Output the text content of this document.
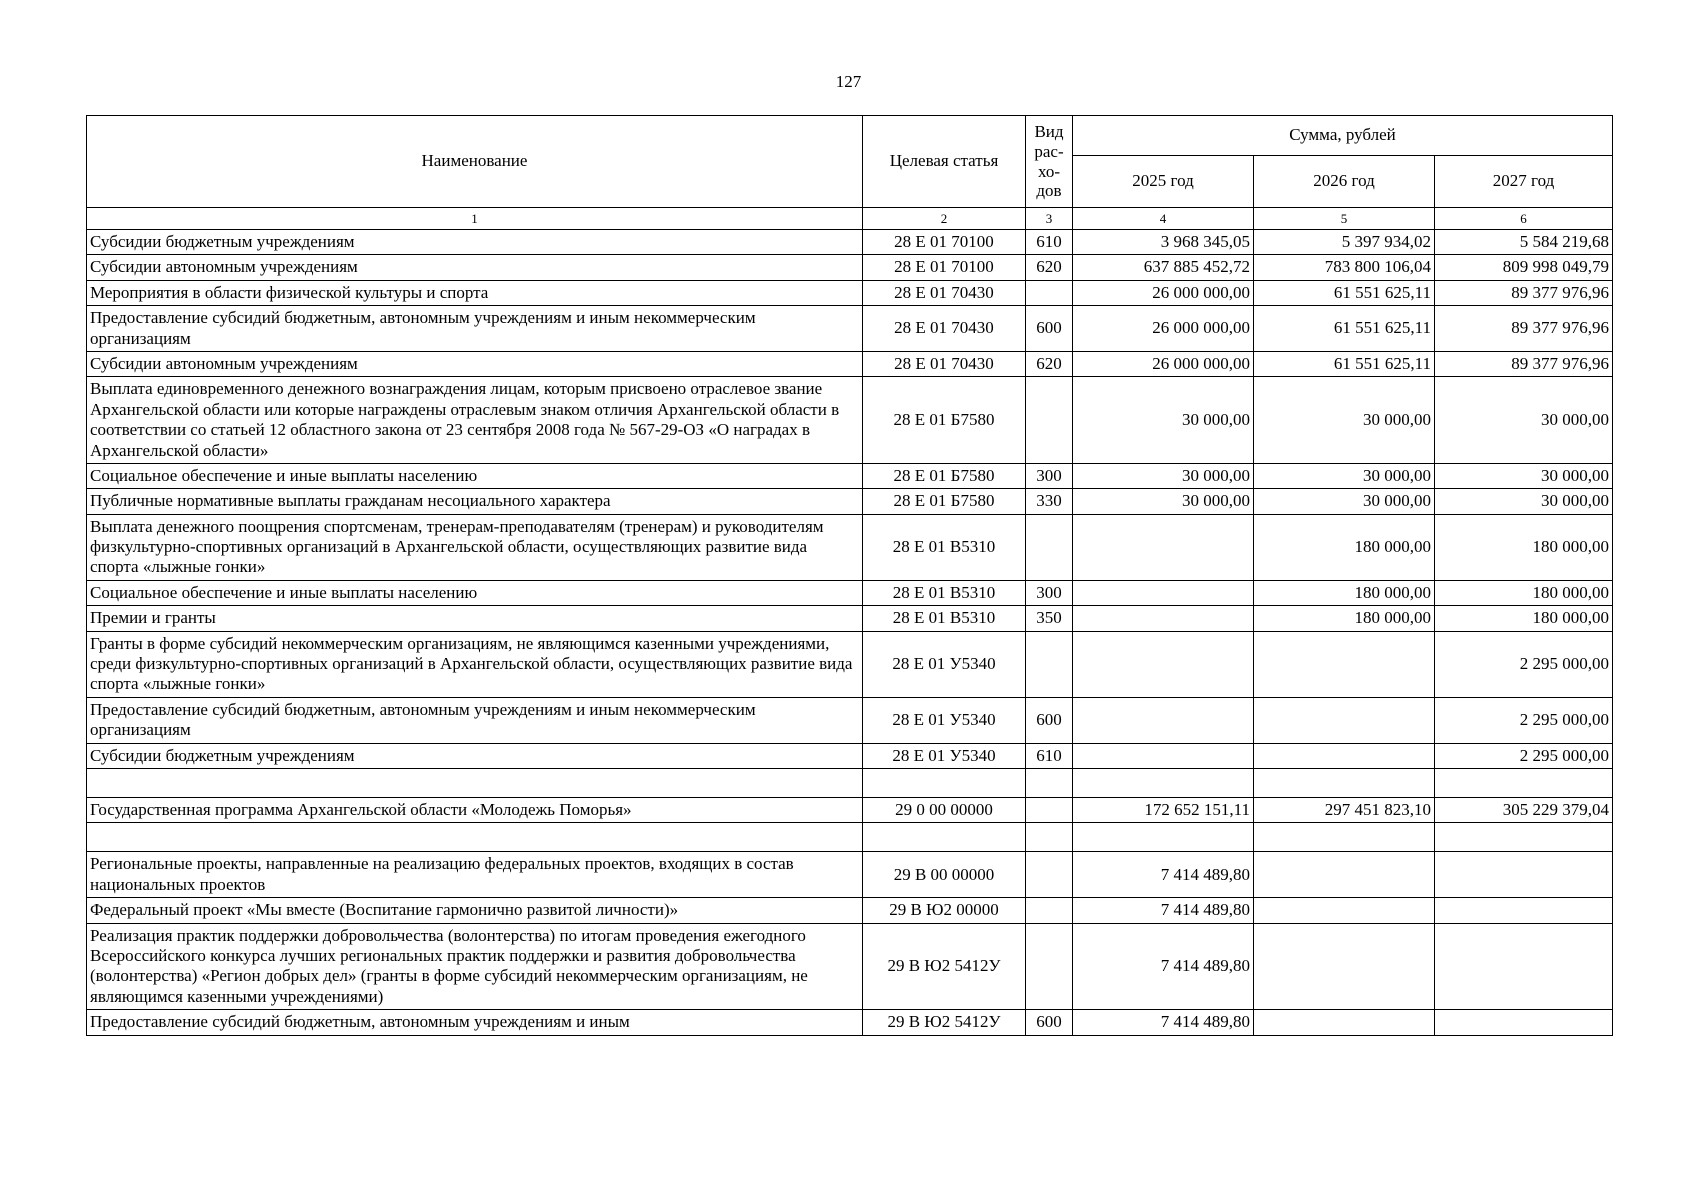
127
Наименование	Целевая статья	Вид
рас-
хо-
дов	Сумма, рублей		
			2025 год	2026 год	2027 год
1	2	3	4	5	6
Субсидии бюджетным учреждениям	28 Е 01 70100	610	3 968 345,05	5 397 934,02	5 584 219,68
Субсидии автономным учреждениям	28 Е 01 70100	620	637 885 452,72	783 800 106,04	809 998 049,79
Мероприятия в области физической культуры и спорта	28 Е 01 70430		26 000 000,00	61 551 625,11	89 377 976,96
Предоставление субсидий бюджетным, автономным учреждениям и иным некоммерческим организациям	28 Е 01 70430	600	26 000 000,00	61 551 625,11	89 377 976,96
Субсидии автономным учреждениям	28 Е 01 70430	620	26 000 000,00	61 551 625,11	89 377 976,96
Выплата единовременного денежного вознаграждения лицам, которым присвоено отраслевое звание Архангельской области или которые награждены отраслевым знаком отличия Архангельской области в соответствии со статьей 12 областного закона от 23 сентября 2008 года № 567-29-ОЗ «О наградах в Архангельской области»	28 Е 01 Б7580		30 000,00	30 000,00	30 000,00
Социальное обеспечение и иные выплаты населению	28 Е 01 Б7580	300	30 000,00	30 000,00	30 000,00
Публичные нормативные выплаты гражданам несоциального характера	28 Е 01 Б7580	330	30 000,00	30 000,00	30 000,00
Выплата денежного поощрения спортсменам, тренерам-преподавателям (тренерам) и руководителям физкультурно-спортивных организаций в Архангельской области, осуществляющих развитие вида спорта «лыжные гонки»	28 Е 01 В5310			180 000,00	180 000,00
Социальное обеспечение и иные выплаты населению	28 Е 01 В5310	300		180 000,00	180 000,00
Премии и гранты	28 Е 01 В5310	350		180 000,00	180 000,00
Гранты в форме субсидий некоммерческим организациям, не являющимся казенными учреждениями, среди физкультурно-спортивных организаций в Архангельской области, осуществляющих развитие вида спорта «лыжные гонки»	28 Е 01 У5340				2 295 000,00
Предоставление субсидий бюджетным, автономным учреждениям и иным некоммерческим организациям	28 Е 01 У5340	600			2 295 000,00
Субсидии бюджетным учреждениям	28 Е 01 У5340	610			2 295 000,00

Государственная программа Архангельской области «Молодежь Поморья»	29 0 00 00000		172 652 151,11	297 451 823,10	305 229 379,04

Региональные проекты, направленные на реализацию федеральных проектов, входящих в состав национальных проектов	29 В 00 00000		7 414 489,80		
Федеральный проект «Мы вместе (Воспитание гармонично развитой личности)»	29 В Ю2 00000		7 414 489,80		
Реализация практик поддержки добровольчества (волонтерства) по итогам проведения ежегодного Всероссийского конкурса лучших региональных практик поддержки и развития добровольчества (волонтерства) «Регион добрых дел» (гранты в форме субсидий некоммерческим организациям, не являющимся казенными учреждениями)	29 В Ю2 5412У		7 414 489,80		
Предоставление субсидий бюджетным, автономным учреждениям и иным	29 В Ю2 5412У	600	7 414 489,80		
